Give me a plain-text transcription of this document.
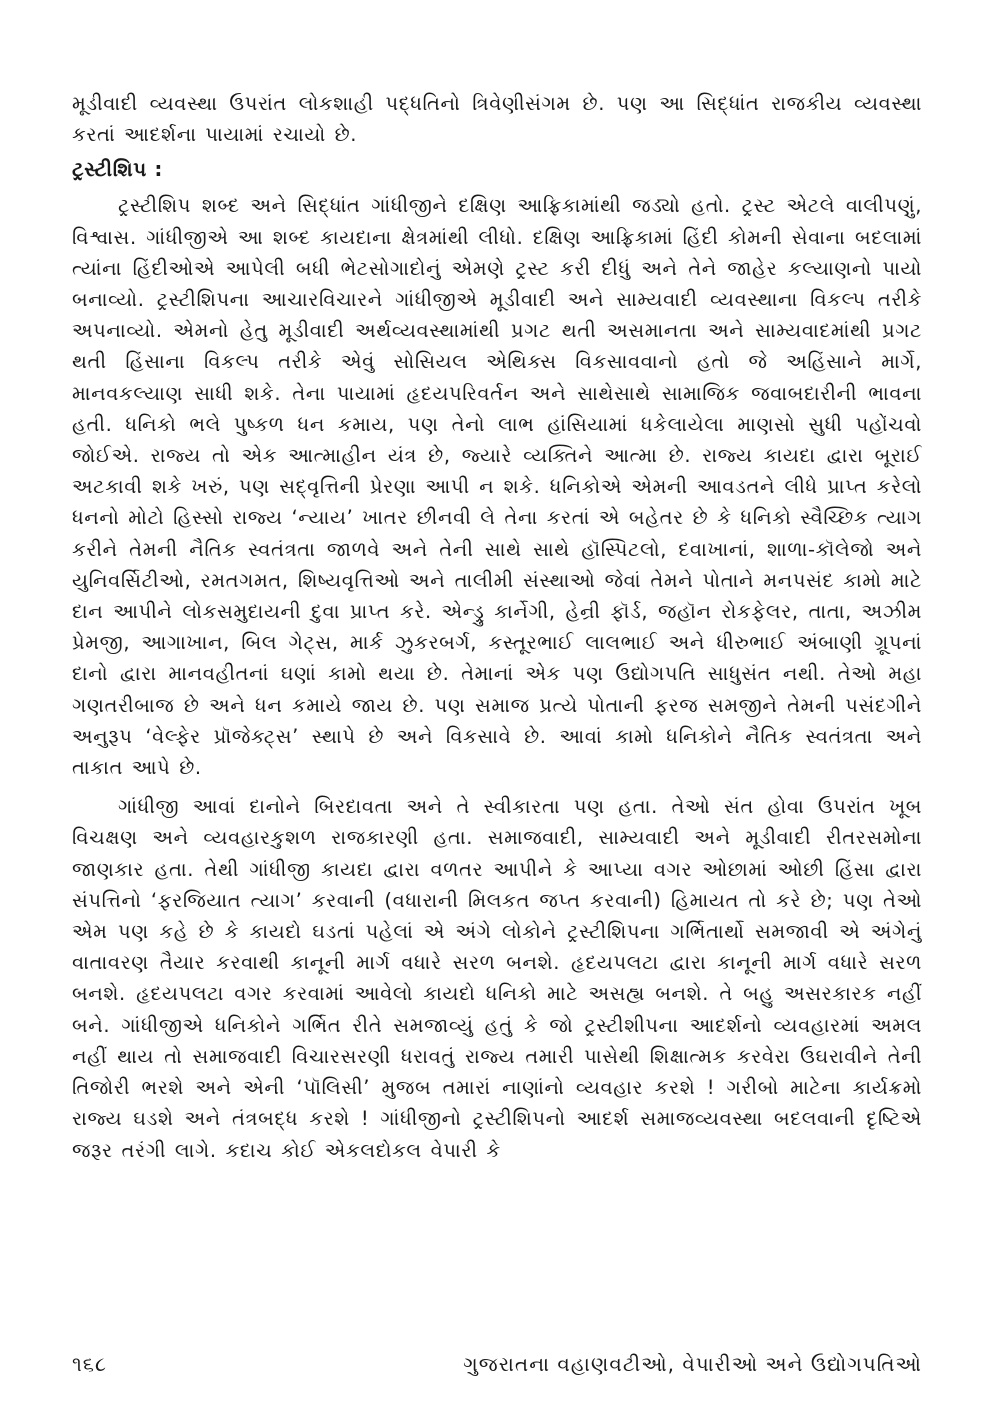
મૂડીવાદી વ્યવસ્થા ઉપરાંત લોકશાહી પદ્ધતિનો ત્રિવેણીસંગમ છે. પણ આ સિદ્ધાંત રાજકીય વ્યવસ્થા કરતાં આદર્શના પાયામાં રચાયો છે.

ટ્રસ્ટીશિપ :

ટ્રસ્ટીશિપ શબ્દ અને સિદ્ધાંત ગાંધીજીને દક્ષિણ આફ્રિકામાંથી જડ્યો હતો. ટ્રસ્ટ એટલે વાલીપણું, વિશ્વાસ. ગાંધીજીએ આ શબ્દ કાયદાના ક્ષેત્રમાંથી લીધો. દક્ષિણ આફ્રિકામાં હિંદી કોમની સેવાના બદલામાં ત્યાંના હિંદીઓએ આપેલી બધી ભેટસોગાદોનું એમણે ટ્રસ્ટ કરી દીધું અને તેને જાહેર કલ્યાણનો પાયો બનાવ્યો. ટ્રસ્ટીશિપના આચારવિચારને ગાંધીજીએ મૂડીવાદી અને સામ્યવાદી વ્યવસ્થાના વિકલ્પ તરીકે અપનાવ્યો. એમનો હેતુ મૂડીવાદી અર્થવ્યવસ્થામાંથી પ્રગટ થતી અસમાનતા અને સામ્યવાદમાંથી પ્રગટ થતી હિંસાના વિકલ્પ તરીકે એવું સોસિયલ એથિક્સ વિકસાવવાનો હતો જે અહિંસાને માર્ગે, માનવકલ્યાણ સાધી શકે. તેના પાયામાં હૃદયપરિવર્તન અને સાથેસાથે સામાજિક જવાબદારીની ભાવના હતી. ધનિકો ભલે પુષ્કળ ધન કમાય, પણ તેનો લાભ હાંસિયામાં ધકેલાયેલા માણસો સુધી પહોંચવો જોઈએ. રાજ્ય તો એક આત્માહીન યંત્ર છે, જ્યારે વ્યક્તિને આત્મા છે. રાજ્ય કાયદા દ્વારા બૂરાઈ અટકાવી શકે ખરું, પણ સદ્‌વૃત્તિની પ્રેરણા આપી ન શકે. ધનિકોએ એમની આવડતને લીધે પ્રાપ્ત કરેલો ધનનો મોટો હિસ્સો રાજ્ય ‘ન્યાય’ ખાતર છીનવી લે તેના કરતાં એ બહેતર છે કે ધનિકો સ્વૈચ્છિક ત્યાગ કરીને તેમની નૈતિક સ્વતંત્રતા જાળવે અને તેની સાથે સાથે હૉસ્પિટલો, દવાખાનાં, શાળા-કૉલેજો અને યુનિવર્સિટીઓ, રમતગમત, શિષ્યવૃત્તિઓ અને તાલીમી સંસ્થાઓ જેવાં તેમને પોતાને મનપસંદ કામો માટે દાન આપીને લોકસમુદાયની દુવા પ્રાપ્ત કરે. એન્ડ્રુ કાર્નેગી, હેન્રી ફૉર્ડ, જહૉન રોકફેલર, તાતા, અઝીમ પ્રેમજી, આગાખાન, બિલ ગેટ્સ, માર્ક ઝુકરબર્ગ, કસ્તૂરભાઈ લાલભાઈ અને ધીરુભાઈ અંબાણી ગ્રૂપનાં દાનો દ્વારા માનવહીતનાં ઘણાં કામો થયા છે. તેમાનાં એક પણ ઉદ્યોગપતિ સાધુસંત નથી. તેઓ મહા ગણતરીબાજ છે અને ધન કમાયે જાય છે. પણ સમાજ પ્રત્યે પોતાની ફરજ સમજીને તેમની પસંદગીને અનુરૂપ ‘વેલ્ફેર પ્રૉજેક્ટ્સ’ સ્થાપે છે અને વિકસાવે છે. આવાં કામો ધનિકોને નૈતિક સ્વતંત્રતા અને તાકાત આપે છે.

ગાંધીજી આવાં દાનોને બિરદાવતા અને તે સ્વીકારતા પણ હતા. તેઓ સંત હોવા ઉપરાંત ખૂબ વિચક્ષણ અને વ્યવહારકુશળ રાજકારણી હતા. સમાજવાદી, સામ્યવાદી અને મૂડીવાદી રીતરસમોના જાણકાર હતા. તેથી ગાંધીજી કાયદા દ્વારા વળતર આપીને કે આપ્યા વગર ઓછામાં ઓછી હિંસા દ્વારા સંપત્તિનો ‘ફરજિયાત ત્યાગ’ કરવાની (વધારાની મિલકત જપ્ત કરવાની) હિમાયત તો કરે છે; પણ તેઓ એમ પણ કહે છે કે કાયદો ઘડતાં પહેલાં એ અંગે લોકોને ટ્રસ્ટીશિપના ગર્ભિતાર્થો સમજાવી એ અંગેનું વાતાવરણ તૈયાર કરવાથી કાનૂની માર્ગ વધારે સરળ બનશે. હૃદયપલટા દ્વારા કાનૂની માર્ગ વધારે સરળ બનશે. હૃદયપલટા વગર કરવામાં આવેલો કાયદો ધનિકો માટે અસહ્ય બનશે. તે બહુ અસરકારક નહીં બને. ગાંધીજીએ ધનિકોને ગર્ભિત રીતે સમજાવ્યું હતું કે જો ટ્રસ્ટીશીપના આદર્શનો વ્યવહારમાં અમલ નહીં થાય તો સમાજવાદી વિચારસરણી ધરાવતું રાજ્ય તમારી પાસેથી શિક્ષાત્મક કરવેરા ઉઘરાવીને તેની તિજોરી ભરશે અને એની ‘પૉલિસી’ મુજબ તમારાં નાણાંનો વ્યવહાર કરશે ! ગરીબો માટેના કાર્યક્રમો રાજ્ય ઘડશે અને તંત્રબદ્ધ કરશે ! ગાંધીજીનો ટ્રસ્ટીશિપનો આદર્શ સમાજવ્યવસ્થા બદલવાની દૃષ્ટિએ જરૂર તરંગી લાગે. કદાચ કોઈ એકલદોકલ વેપારી કે

૧૬૮	ગુજરાતના વહાણવટીઓ, વેપારીઓ અને ઉદ્યોગપતિઓ
